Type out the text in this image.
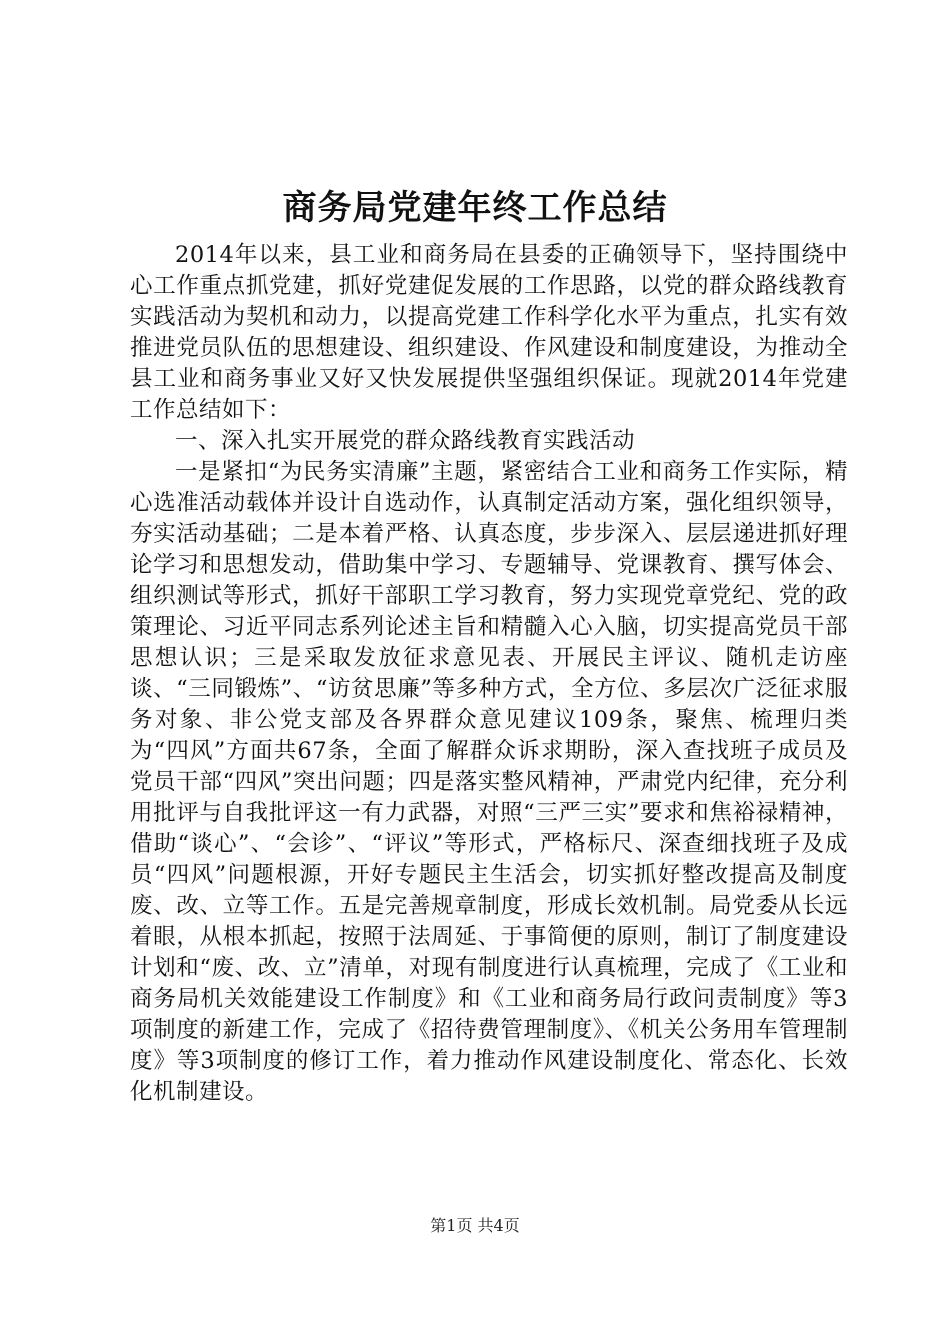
商务局党建年终工作总结

2014年以来，县工业和商务局在县委的正确领导下，坚持围绕中心工作重点抓党建，抓好党建促发展的工作思路，以党的群众路线教育实践活动为契机和动力，以提高党建工作科学化水平为重点，扎实有效推进党员队伍的思想建设、组织建设、作风建设和制度建设，为推动全县工业和商务事业又好又快发展提供坚强组织保证。现就2014年党建工作总结如下：

一、深入扎实开展党的群众路线教育实践活动

一是紧扣“为民务实清廉”主题，紧密结合工业和商务工作实际，精心选准活动载体并设计自选动作，认真制定活动方案，强化组织领导，夯实活动基础；二是本着严格、认真态度，步步深入、层层递进抓好理论学习和思想发动，借助集中学习、专题辅导、党课教育、撰写体会、组织测试等形式，抓好干部职工学习教育，努力实现党章党纪、党的政策理论、习近平同志系列论述主旨和精髓入心入脑，切实提高党员干部思想认识；三是采取发放征求意见表、开展民主评议、随机走访座谈、“三同锻炼”、“访贫思廉”等多种方式，全方位、多层次广泛征求服务对象、非公党支部及各界群众意见建议109条，聚焦、梳理归类为“四风”方面共67条，全面了解群众诉求期盼，深入查找班子成员及党员干部“四风”突出问题；四是落实整风精神，严肃党内纪律，充分利用批评与自我批评这一有力武器，对照“三严三实”要求和焦裕禄精神，借助“谈心”、“会诊”、“评议”等形式，严格标尺、深查细找班子及成员“四风”问题根源，开好专题民主生活会，切实抓好整改提高及制度废、改、立等工作。五是完善规章制度，形成长效机制。局党委从长远着眼，从根本抓起，按照于法周延、于事简便的原则，制订了制度建设计划和“废、改、立”清单，对现有制度进行认真梳理，完成了《工业和商务局机关效能建设工作制度》和《工业和商务局行政问责制度》等3项制度的新建工作，完成了《招待费管理制度》、《机关公务用车管理制度》等3项制度的修订工作，着力推动作风建设制度化、常态化、长效化机制建设。

第1页 共4页
